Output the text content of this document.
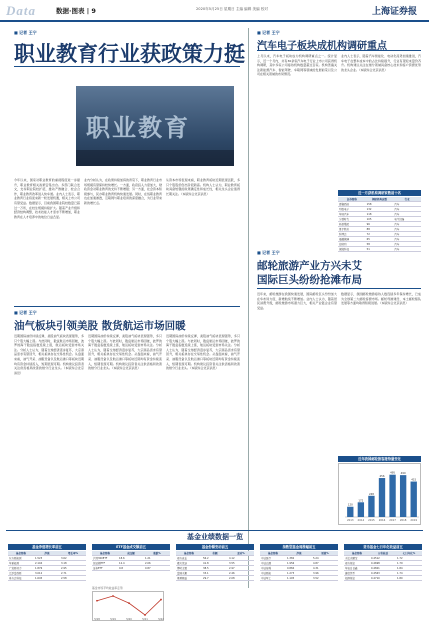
Data	数据·图表 | 9	2020年5月25日 星期日 主编 编辑 美编 校对	上海证券报
■ 记者 王宁
职业教育行业获政策力挺
职业教育
今年以来，国家对职业教育的重视程度进一步提升，职业教育相关政策密集出台。多部门联合发文，支持职业院校扩招，推动产教融合、校企合作，职业教育改革进入快车道。业内人士表示，职业教育行业将迎来新一轮发展机遇，相关上市公司有望受益。数据显示，目前我国职业院校数量已超过一万所，在校生规模持续扩大。随着产业升级和经济结构调整，技术技能人才需求不断增加，职业教育在人才培养中的地位日益凸显。
业内分析认为，在政策持续加码的背景下，职业教育行业市场规模有望保持较快增长。一方面，政府投入力度加大，财政资金对职业教育的支持不断增强；另一方面，社会资本积极参与，民办职业教育机构快速发展。同时，在线职业教育也在加速渗透，互联网与职业培训的深度融合，为行业带来新的增长点。
从资本市场表现来看，职业教育板块近期表现活跃，多只个股股价创出阶段新高。机构人士认为，职业教育板块具备较强的政策确定性和成长性，相关龙头企业值得长期关注。（本版综合北京消息）
■ 记者 王宁
汽车电子板块成机构调研重点
上月以来，汽车电子板块成为机构调研重点之一。统计显示，近一个月内，共有30余家汽车电子行业上市公司获得机构调研，其中多家公司接待机构数量超过百家。机构普遍关注新能源汽车、智能驾驶、车联网等领域的发展前景以及公司在相关领域的布局情况。
业内人士表示，随着汽车智能化、电动化趋势加速推进，汽车电子在整车成本中的占比持续提升，行业有望迎来量价齐升。机构建议关注在细分领域具备核心技术和客户资源优势的龙头企业。（本版综合北京消息）
近一月获机构调研家数前十名
证券简称	调研机构家数	行业
德赛西威	158	汽车
均胜电子	132	汽车
华域汽车	118	汽车
宁德时代	105	电气设备
拓普集团	96	汽车
星宇股份	88	汽车
科博达	72	汽车
福耀玻璃	65	汽车
伯特利	58	汽车
保隆科技	51	汽车
■ 记者 王宁
邮轮旅游产业方兴未艾
国际巨头纷纷抢滩布局
近年来，邮轮旅游在我国快速发展，国际邮轮巨头纷纷加大在华布局力度，新增航线不断增加。业内人士认为，随着居民消费升级，邮轮旅游市场潜力巨大，相关产业链企业有望受益。
数据显示，我国邮轮旅游接待人数连续多年保持增长，已成为全球第二大邮轮客源市场。邮轮母港建设、本土邮轮船队发展等方面均取得积极进展。（本版综合北京消息）
近年我国邮轮旅客接待量变化
120
2013
172
2014
248
2015
456
2016
495
2017
490
2018
415
2019
■ 记者 王宁
油气板块引领美股 散货航运市场回暖
近期国际油价持续反弹，美股油气板块表现强势，多只个股大幅上涨。与此同时，散货航运市场回暖，波罗的海干散货指数连续上涨，航运板块受到市场关注。分析人士认为，随着全球经济逐步复苏，大宗商品需求有望回升，相关板块存在交易性机会。从盘面来看，油气开采、油服设备以及航运港口等板块近期均有资金持续流入，短期表现可期。机构建议投资者关注供需格局改善的细分行业龙头。（本版综合北京消息）
近期国际油价持续反弹，美股油气板块表现强势，多只个股大幅上涨。与此同时，散货航运市场回暖，波罗的海干散货指数连续上涨，航运板块受到市场关注。分析人士认为，随着全球经济逐步复苏，大宗商品需求有望回升，相关板块存在交易性机会。从盘面来看，油气开采、油服设备以及航运港口等板块近期均有资金持续流入，短期表现可期。机构建议投资者关注供需格局改善的细分行业龙头。（本版综合北京消息）
近期国际油价持续反弹，美股油气板块表现强势，多只个股大幅上涨。与此同时，散货航运市场回暖，波罗的海干散货指数连续上涨，航运板块受到市场关注。分析人士认为，随着全球经济逐步复苏，大宗商品需求有望回升，相关板块存在交易性机会。从盘面来看，油气开采、油服设备以及航运港口等板块近期均有资金持续流入，短期表现可期。机构建议投资者关注供需格局改善的细分行业龙头。（本版综合北京消息）
基金业绩数据一览
基金净值增长率前五
基金简称	净值	增长率%
东方新能源	1.523	3.62
华夏能源	2.104	3.18
广发新动力	1.876	2.95
汇添富创新	3.012	2.71
易方达科技	1.645	2.58
ETF基金成交额前五
基金简称	成交额	涨跌%
沪深300ETF	18.6	1.21
创业板ETF	12.4	2.06
证券ETF	9.8	0.87
基金份额变动前五
基金简称	份额	变动%
南方成长	56.2	4.12
嘉实优选	41.8	3.55
博时主题	38.5	2.97
富国天惠	33.1	2.46
景顺鼎益	29.7	2.08
指数型基金周涨幅前五
基金简称	净值	周涨%
中证医疗	1.382	5.24
中证白酒	1.956	4.87
中证传媒	0.884	4.31
中证新能	1.273	3.96
中证军工	1.105	3.52
货币基金七日年化收益前五
基金简称	万份收益	七日年化%
天弘余额宝	0.4512	1.72
南方现金	0.4698	1.79
华安日日鑫	0.4821	1.84
建信货币	0.4563	1.74
招商现金	0.4710	1.80
基金市场平均收益率走势
5/18	5/19	5/20	5/21	5/22
